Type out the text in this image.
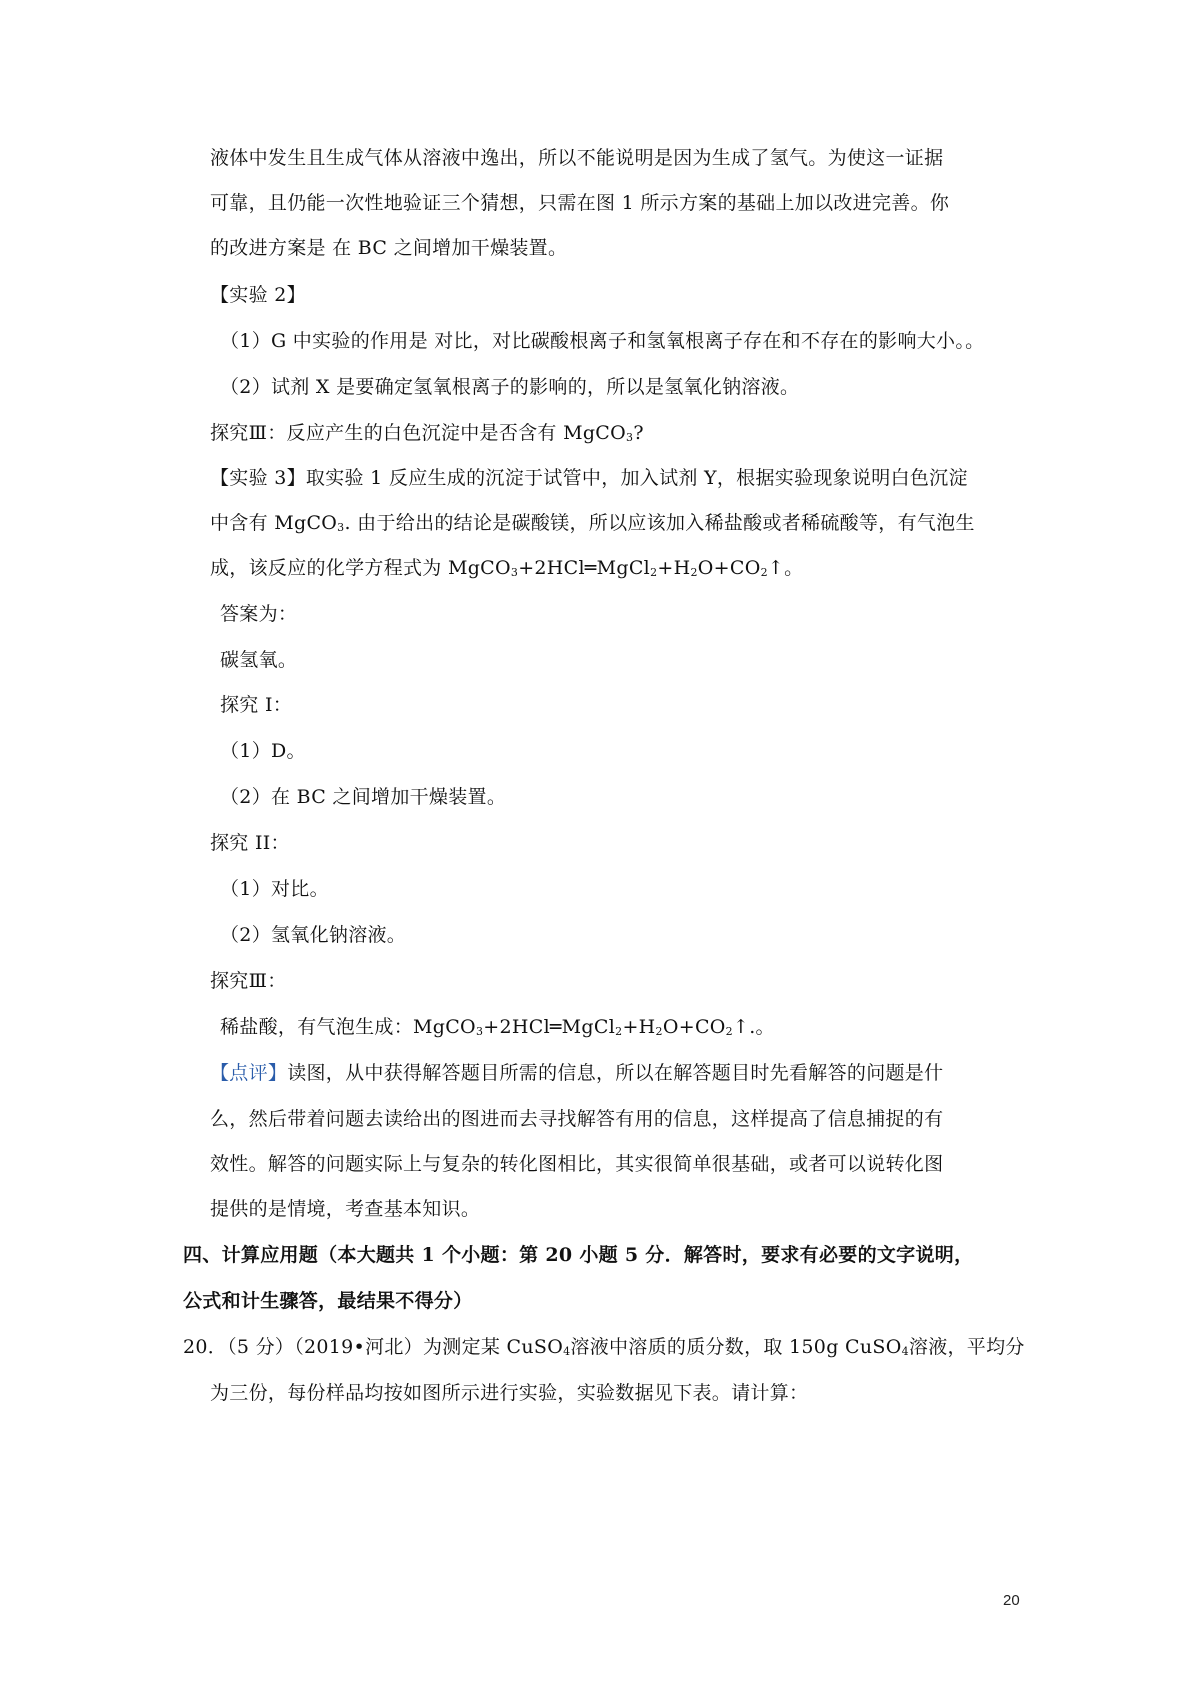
液体中发生且生成气体从溶液中逸出，所以不能说明是因为生成了氢气。为使这一证据
可靠，且仍能一次性地验证三个猜想，只需在图 1 所示方案的基础上加以改进完善。你
的改进方案是 在 BC 之间增加干燥装置。
【实验 2】
（1）G 中实验的作用是 对比，对比碳酸根离子和氢氧根离子存在和不存在的影响大小。。
（2）试剂 X 是要确定氢氧根离子的影响的，所以是氢氧化钠溶液。
探究Ⅲ：反应产生的白色沉淀中是否含有 MgCO$_3$?
【实验 3】取实验 1 反应生成的沉淀于试管中，加入试剂 Y，根据实验现象说明白色沉淀
中含有 MgCO$_3$. 由于给出的结论是碳酸镁，所以应该加入稀盐酸或者稀硫酸等，有气泡生
成，该反应的化学方程式为 $MgCO_3+2HCl═MgCl_2+H_2O+CO_2↑$。
答案为：
碳氢氧。
探究 I：
（1）D。
（2）在 BC 之间增加干燥装置。
探究 II：
（1）对比。
（2）氢氧化钠溶液。
探究Ⅲ：
稀盐酸，有气泡生成：$MgCO_3+2HCl═MgCl_2+H_2O+CO_2↑$.。
【点评】读图，从中获得解答题目所需的信息，所以在解答题目时先看解答的问题是什
么，然后带着问题去读给出的图进而去寻找解答有用的信息，这样提高了信息捕捉的有
效性。解答的问题实际上与复杂的转化图相比，其实很简单很基础，或者可以说转化图
提供的是情境，考查基本知识。
四、计算应用题（本大题共 1 个小题：第 20 小题 5 分．解答时，要求有必要的文字说明，
公式和计生骤答，最结果不得分）
20．（5 分）（2019•河北）为测定某 CuSO$_4$溶液中溶质的质分数，取 150g CuSO$_4$溶液，平均分
为三份，每份样品均按如图所示进行实验，实验数据见下表。请计算：
20
